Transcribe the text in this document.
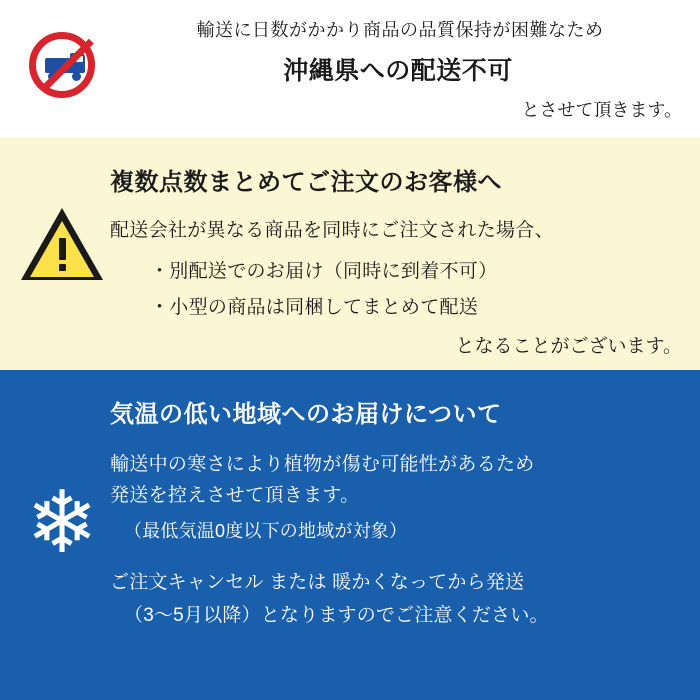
輸送に日数がかかり商品の品質保持が困難なため
沖縄県への配送不可
とさせて頂きます。
複数点数まとめてご注文のお客様へ
配送会社が異なる商品を同時にご注文された場合、
・別配送でのお届け（同時に到着不可）
・小型の商品は同梱してまとめて配送
となることがございます。
❄
気温の低い地域へのお届けについて
輸送中の寒さにより植物が傷む可能性があるため
発送を控えさせて頂きます。
（最低気温0度以下の地域が対象）
ご注文キャンセル または 暖かくなってから発送
（3〜5月以降）となりますのでご注意ください。
